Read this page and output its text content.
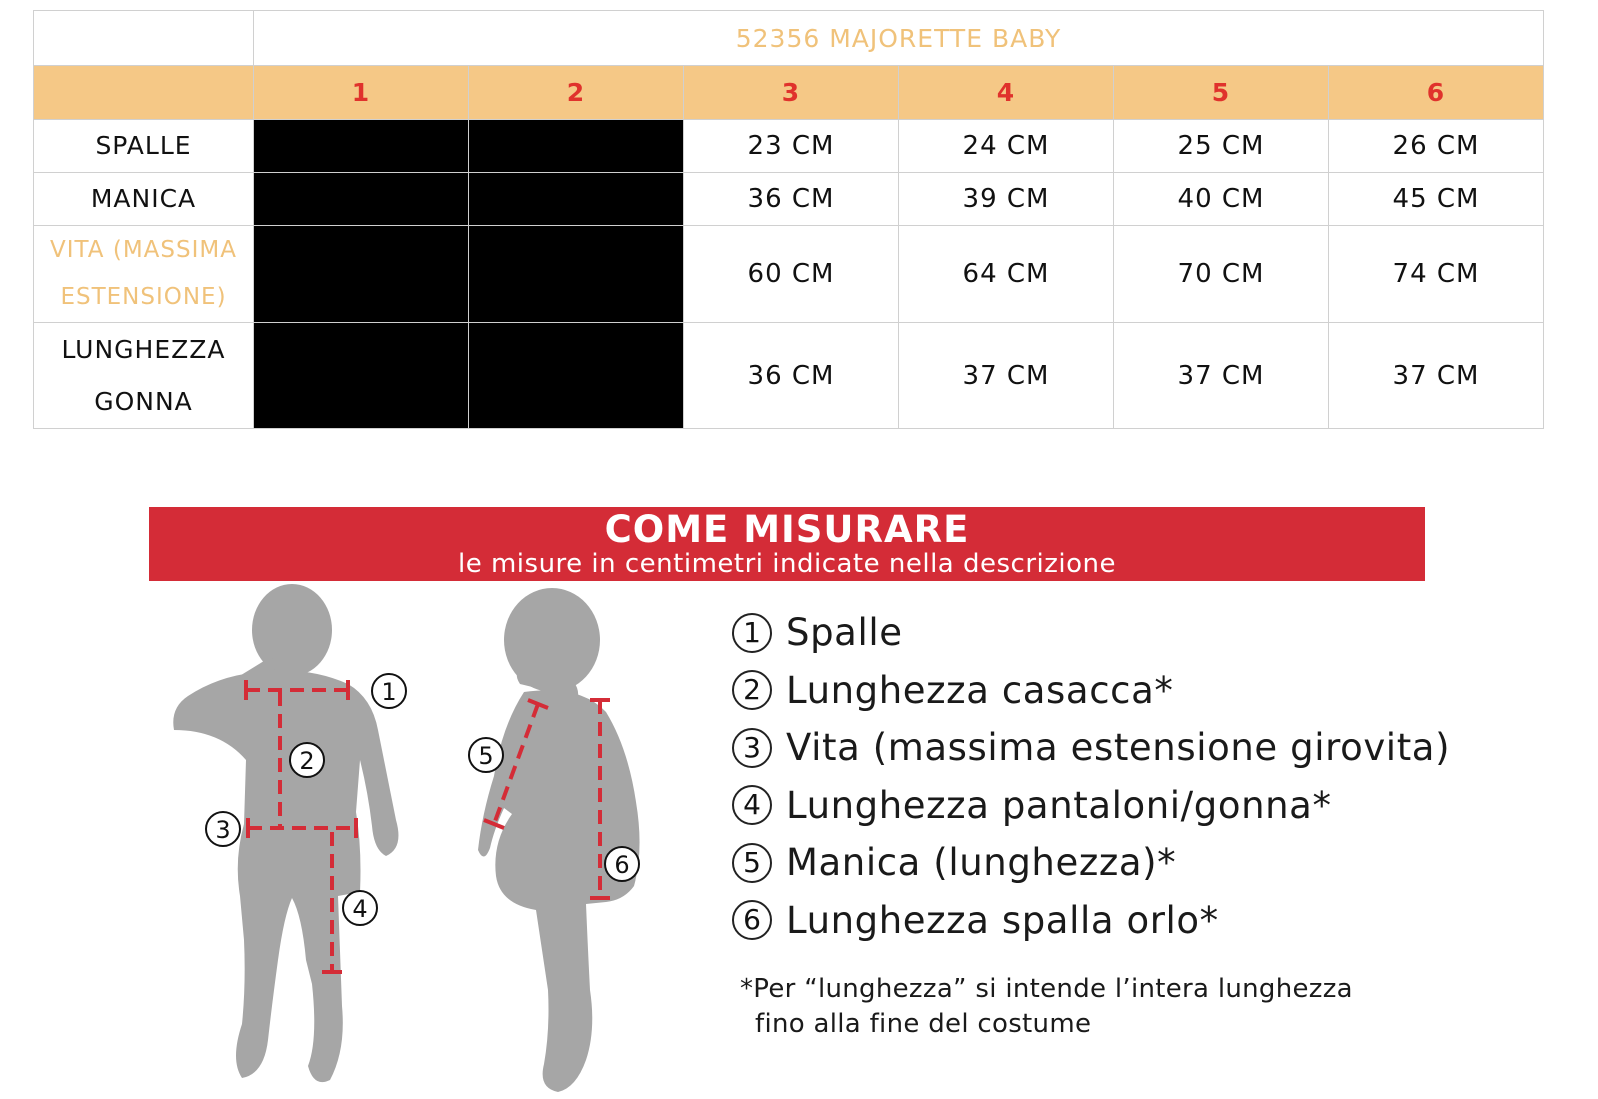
	52356 MAJORETTE BABY					
	1	2	3	4	5	6

SPALLE			23 CM	24 CM	25 CM	26 CM

MANICA			36 CM	39 CM	40 CM	45 CM

VITA (MASSIMA
ESTENSIONE)			60 CM	64 CM	70 CM	74 CM

LUNGHEZZA
GONNA			36 CM	37 CM	37 CM	37 CM
COME MISURARE
le misure in centimetri indicate nella descrizione
1
2
3
4
5
6
1 Spalle
2 Lunghezza casacca*
3 Vita (massima estensione girovita)
4 Lunghezza pantaloni/gonna*
5 Manica (lunghezza)*
6 Lunghezza spalla orlo*
*Per “lunghezza” si intende l’intera lunghezza
fino alla fine del costume
